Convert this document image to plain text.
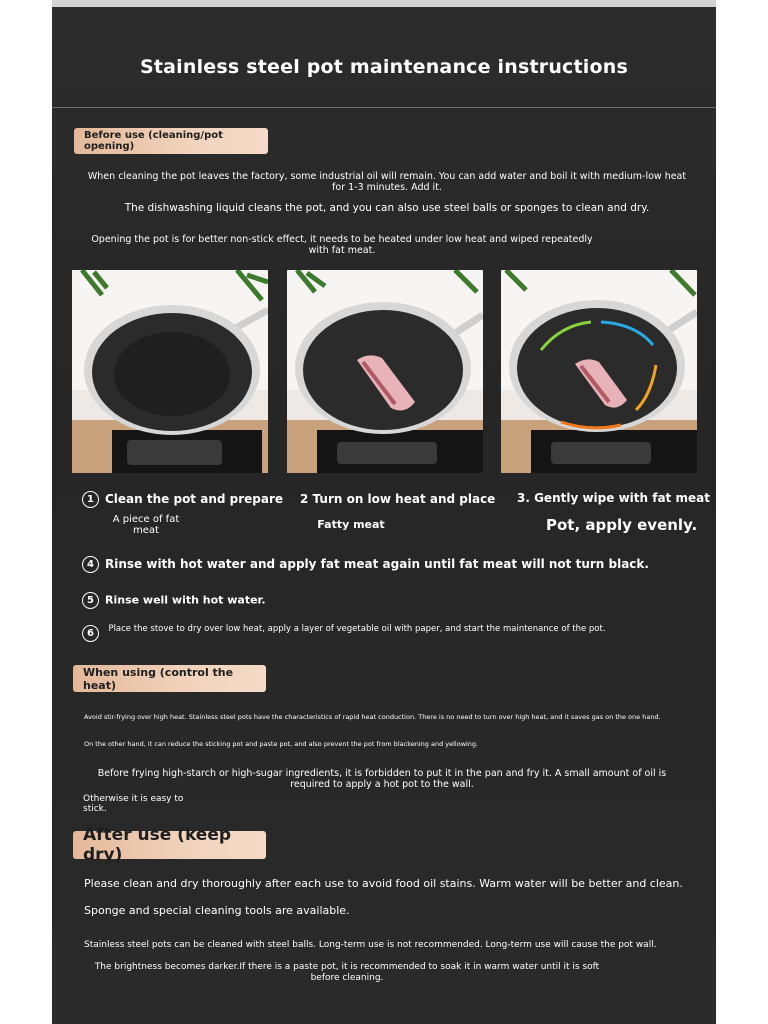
Stainless steel pot maintenance instructions
Before use (cleaning/pot opening)
When cleaning the pot leaves the factory, some industrial oil will remain. You can add water and boil it with medium-low heat for 1-3 minutes. Add it.
The dishwashing liquid cleans the pot, and you can also use steel balls or sponges to clean and dry.
Opening the pot is for better non-stick effect, it needs to be heated under low heat and wiped repeatedly with fat meat.
1 Clean the pot and prepare
A piece of fat meat
2 Turn on low heat and place
Fatty meat
3. Gently wipe with fat meat
Pot, apply evenly.
4 Rinse with hot water and apply fat meat again until fat meat will not turn black.
5 Rinse well with hot water.
6	Place the stove to dry over low heat, apply a layer of vegetable oil with paper, and start the maintenance of the pot.
When using (control the heat)
Avoid stir-frying over high heat. Stainless steel pots have the characteristics of rapid heat conduction. There is no need to turn over high heat, and it saves gas on the one hand.
On the other hand, it can reduce the sticking pot and paste pot, and also prevent the pot from blackening and yellowing.
Before frying high-starch or high-sugar ingredients, it is forbidden to put it in the pan and fry it. A small amount of oil is required to apply a hot pot to the wall.
Otherwise it is easy to stick.
After use (keep dry)
Please clean and dry thoroughly after each use to avoid food oil stains. Warm water will be better and clean.
Sponge and special cleaning tools are available.
Stainless steel pots can be cleaned with steel balls. Long-term use is not recommended. Long-term use will cause the pot wall.
The brightness becomes darker.If there is a paste pot, it is recommended to soak it in warm water until it is soft before cleaning.
